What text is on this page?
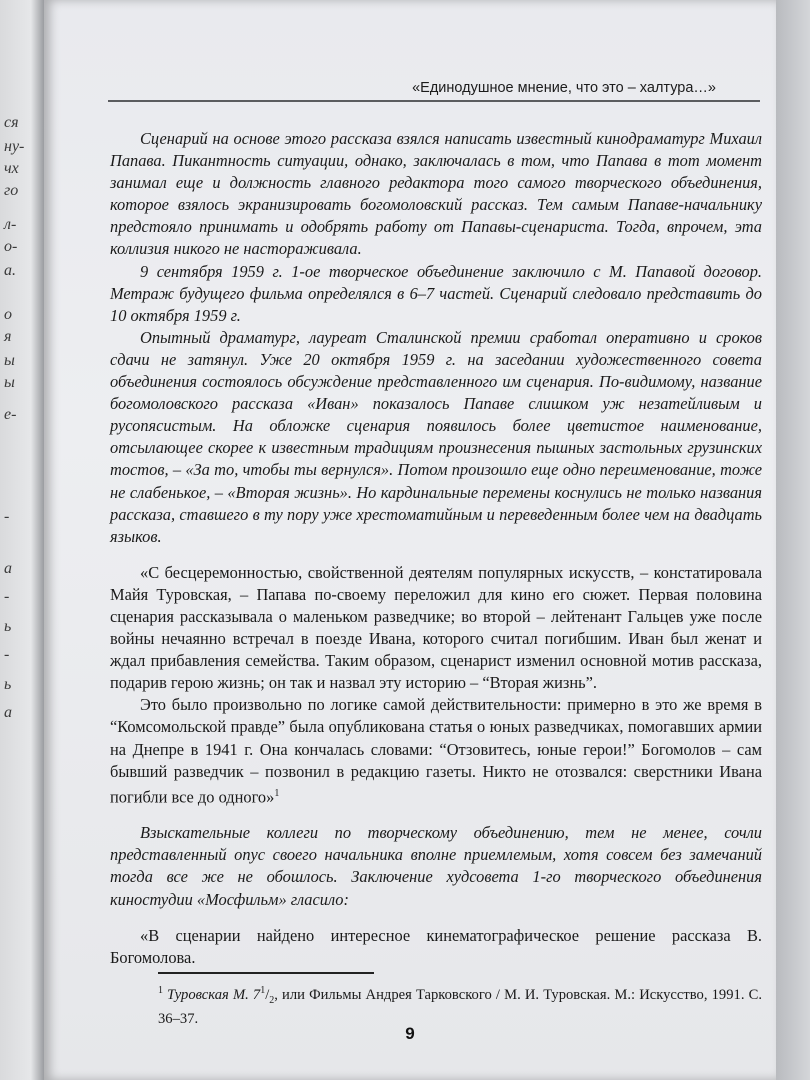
ся
ну-
чх
го
л-
о-
а.
о
я
ы
ы
е-
-
а
-
ь
-
ь
а
«Единодушное мнение, что это – халтура…»

Сценарий на основе этого рассказа взялся написать известный кинодраматург Михаил Папава. Пикантность ситуации, однако, заключалась в том, что Папава в тот момент занимал еще и должность главного редактора того самого творческого объединения, которое взялось экранизировать богомоловский рассказ. Тем самым Папаве-начальнику предстояло принимать и одобрять работу от Папавы-сценариста. Тогда, впрочем, эта коллизия никого не настораживала.

9 сентября 1959 г. 1-ое творческое объединение заключило с М. Папавой договор. Метраж будущего фильма определялся в 6–7 частей. Сценарий следовало представить до 10 октября 1959 г.

Опытный драматург, лауреат Сталинской премии сработал оперативно и сроков сдачи не затянул. Уже 20 октября 1959 г. на заседании художественного совета объединения состоялось обсуждение представленного им сценария. По-видимому, название богомоловского рассказа «Иван» показалось Папаве слишком уж незатейливым и русопясистым. На обложке сценария появилось более цветистое наименование, отсылающее скорее к известным традициям произнесения пышных застольных грузинских тостов, – «За то, чтобы ты вернулся». Потом произошло еще одно переименование, тоже не слабенькое, – «Вторая жизнь». Но кардинальные перемены коснулись не только названия рассказа, ставшего в ту пору уже хрестоматийным и переведенным более чем на двадцать языков.

«С бесцеремонностью, свойственной деятелям популярных искусств, – констатировала Майя Туровская, – Папава по-своему переложил для кино его сюжет. Первая половина сценария рассказывала о маленьком разведчике; во второй – лейтенант Гальцев уже после войны нечаянно встречал в поезде Ивана, которого считал погибшим. Иван был женат и ждал прибавления семейства. Таким образом, сценарист изменил основной мотив рассказа, подарив герою жизнь; он так и назвал эту историю – “Вторая жизнь”.

Это было произвольно по логике самой действительности: примерно в это же время в “Комсомольской правде” была опубликована статья о юных разведчиках, помогавших армии на Днепре в 1941 г. Она кончалась словами: “Отзовитесь, юные герои!” Богомолов – сам бывший разведчик – позвонил в редакцию газеты. Никто не отозвался: сверстники Ивана погибли все до одного»$^1$

Взыскательные коллеги по творческому объединению, тем не менее, сочли представленный опус своего начальника вполне приемлемым, хотя совсем без замечаний тогда все же не обошлось. Заключение худсовета 1-го творческого объединения киностудии «Мосфильм» гласило:

«В сценарии найдено интересное кинематографическое решение рассказа В. Богомолова.

$^1$ Туровская М. $7^1/_2$, или Фильмы Андрея Тарковского / М. И. Туровская. М.: Искусство, 1991. С. 36–37.
9
